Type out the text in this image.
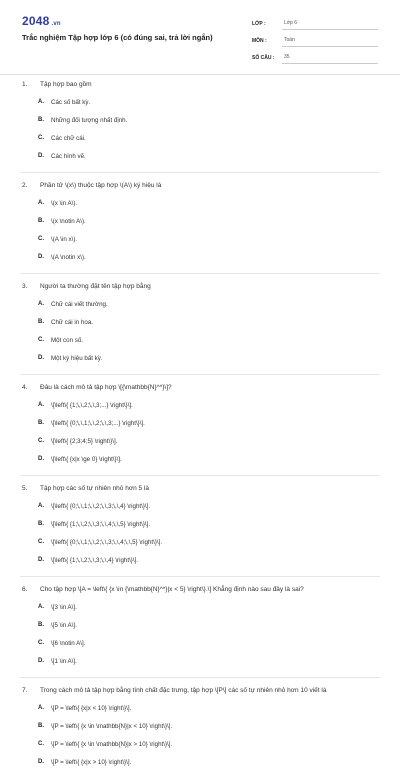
2048 .vn
Trắc nghiệm Tập hợp lớp 6 (có đúng sai, trả lời ngắn)
LỚP :	Lớp 6
MÔN :	Toán
SỐ CÂU :	35
1.	Tập hợp bao gồm
A.	Các số bất kỳ.
B.	Những đối tượng nhất định.
C.	Các chữ cái.
D.	Các hình vẽ.
2.	Phần tử \(x\) thuộc tập hợp \(A\) ký hiệu là
A.	\(x \in A\).
B.	\(x \notin A\).
C.	\(A \in x\).
D.	\(A \notin x\).
3.	Người ta thường đặt tên tập hợp bằng
A.	Chữ cái viết thường.
B.	Chữ cái in hoa.
C.	Một con số.
D.	Một ký hiệu bất kỳ.
4.	Đâu là cách mô tả tập hợp \[{\mathbb{N}^*}\]?
A.	\[\left\{ {1;\,\,2;\,\,3;...} \right\}\].
B.	\[\left\{ {0;\,\,1;\,\,2;\,\,3;...} \right\}\].
C.	\[\left\{ {2;3;4;5} \right\}\].
D.	\[\left\{ {x|x \ge 0} \right\}\].
5.	Tập hợp các số tự nhiên nhỏ hơn 5 là
A.	\[\left\{ {0;\,\,1;\,\,2;\,\,3;\,\,4} \right\}\].
B.	\[\left\{ {1;\,\,2;\,\,3;\,\,4;\,\,5} \right\}\].
C.	\[\left\{ {0;\,\,1;\,\,2;\,\,3;\,\,4;\,\,5} \right\}\].
D.	\[\left\{ {1;\,\,2;\,\,3;\,\,4} \right\}\].
6.	Cho tập hợp \[A = \left\{ {x \in {\mathbb{N}^*}|x < 5} \right\}.\] Khẳng định nào sau đây là sai?
A.	\[3 \in A\].
B.	\[5 \in A\].
C.	\[6 \notin A\].
D.	\[1 \in A\].
7.	Trong cách mô tả tập hợp bằng tính chất đặc trưng, tập hợp \[P\] các số tự nhiên nhỏ hơn 10 viết là
A.	\[P = \left\{ {x|x < 10} \right\}\].
B.	\[P = \left\{ {x \in \mathbb{N}|x < 10} \right\}\].
C.	\[P = \left\{ {x \in \mathbb{N}|x > 10} \right\}\].
D.	\[P = \left\{ {x|x > 10} \right\}\].
